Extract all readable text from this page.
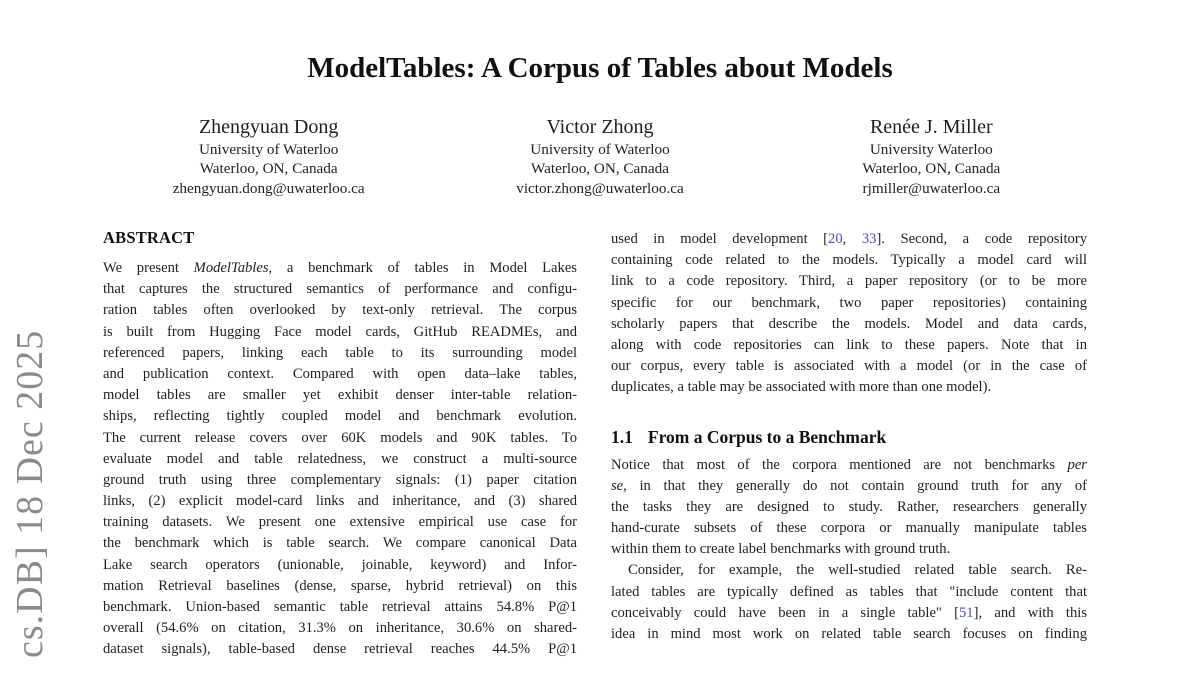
cs.DB] 18 Dec 2025
ModelTables: A Corpus of Tables about Models
Zhengyuan Dong
University of Waterloo
Waterloo, ON, Canada
zhengyuan.dong@uwaterloo.ca
Victor Zhong
University of Waterloo
Waterloo, ON, Canada
victor.zhong@uwaterloo.ca
Renée J. Miller
University Waterloo
Waterloo, ON, Canada
rjmiller@uwaterloo.ca
ABSTRACT
We present ModelTables, a benchmark of tables in Model Lakes
that captures the structured semantics of performance and configu-
ration tables often overlooked by text-only retrieval. The corpus
is built from Hugging Face model cards, GitHub READMEs, and
referenced papers, linking each table to its surrounding model
and publication context. Compared with open data–lake tables,
model tables are smaller yet exhibit denser inter-table relation-
ships, reflecting tightly coupled model and benchmark evolution.
The current release covers over 60K models and 90K tables. To
evaluate model and table relatedness, we construct a multi-source
ground truth using three complementary signals: (1) paper citation
links, (2) explicit model-card links and inheritance, and (3) shared
training datasets. We present one extensive empirical use case for
the benchmark which is table search. We compare canonical Data
Lake search operators (unionable, joinable, keyword) and Infor-
mation Retrieval baselines (dense, sparse, hybrid retrieval) on this
benchmark. Union-based semantic table retrieval attains 54.8% P@1
overall (54.6% on citation, 31.3% on inheritance, 30.6% on shared-
dataset signals), table-based dense retrieval reaches 44.5% P@1
used in model development [20, 33]. Second, a code repository
containing code related to the models. Typically a model card will
link to a code repository. Third, a paper repository (or to be more
specific for our benchmark, two paper repositories) containing
scholarly papers that describe the models. Model and data cards,
along with code repositories can link to these papers. Note that in
our corpus, every table is associated with a model (or in the case of
duplicates, a table may be associated with more than one model).
1.1 From a Corpus to a Benchmark
Notice that most of the corpora mentioned are not benchmarks per
se, in that they generally do not contain ground truth for any of
the tasks they are designed to study. Rather, researchers generally
hand-curate subsets of these corpora or manually manipulate tables
within them to create label benchmarks with ground truth.
Consider, for example, the well-studied related table search. Re-
lated tables are typically defined as tables that "include content that
conceivably could have been in a single table" [51], and with this
idea in mind most work on related table search focuses on finding
